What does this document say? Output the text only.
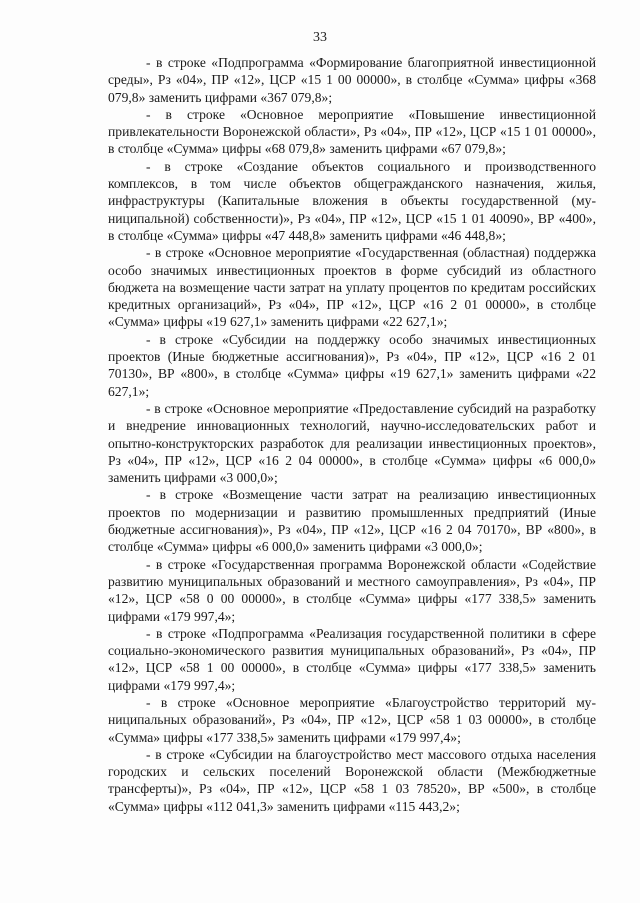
33

- в строке «Подпрограмма «Формирование благоприятной инвестиционной среды», Рз «04», ПР «12», ЦСР «15 1 00 00000», в столбце «Сумма» цифры «368 079,8» заменить цифрами «367 079,8»;

- в строке «Основное мероприятие «Повышение инвестиционной привлекательности Воронежской области», Рз «04», ПР «12», ЦСР «15 1 01 00000», в столбце «Сумма» цифры «68 079,8» заменить цифрами «67 079,8»;

- в строке «Создание объектов социального и производственного комплексов, в том числе объектов общегражданского назначения, жилья, инфраструктуры (Капитальные вложения в объекты государственной (муниципальной) собственности)», Рз «04», ПР «12», ЦСР «15 1 01 40090», ВР «400», в столбце «Сумма» цифры «47 448,8» заменить цифрами «46 448,8»;

- в строке «Основное мероприятие «Государственная (областная) поддержка особо значимых инвестиционных проектов в форме субсидий из областного бюджета на возмещение части затрат на уплату процентов по кредитам российских кредитных организаций», Рз «04», ПР «12», ЦСР «16 2 01 00000», в столбце «Сумма» цифры «19 627,1» заменить цифрами «22 627,1»;

- в строке «Субсидии на поддержку особо значимых инвестиционных проектов (Иные бюджетные ассигнования)», Рз «04», ПР «12», ЦСР «16 2 01 70130», ВР «800», в столбце «Сумма» цифры «19 627,1» заменить цифрами «22 627,1»;

- в строке «Основное мероприятие «Предоставление субсидий на разработку и внедрение инновационных технологий, научно-исследовательских работ и опытно-конструкторских разработок для реализации инвестиционных проектов», Рз «04», ПР «12», ЦСР «16 2 04 00000», в столбце «Сумма» цифры «6 000,0» заменить цифрами «3 000,0»;

- в строке «Возмещение части затрат на реализацию инвестиционных проектов по модернизации и развитию промышленных предприятий (Иные бюджетные ассигнования)», Рз «04», ПР «12», ЦСР «16 2 04 70170», ВР «800», в столбце «Сумма» цифры «6 000,0» заменить цифрами «3 000,0»;

- в строке «Государственная программа Воронежской области «Содействие развитию муниципальных образований и местного самоуправления», Рз «04», ПР «12», ЦСР «58 0 00 00000», в столбце «Сумма» цифры «177 338,5» заменить цифрами «179 997,4»;

- в строке «Подпрограмма «Реализация государственной политики в сфере социально-экономического развития муниципальных образований», Рз «04», ПР «12», ЦСР «58 1 00 00000», в столбце «Сумма» цифры «177 338,5» заменить цифрами «179 997,4»;

- в строке «Основное мероприятие «Благоустройство территорий муниципальных образований», Рз «04», ПР «12», ЦСР «58 1 03 00000», в столбце «Сумма» цифры «177 338,5» заменить цифрами «179 997,4»;

- в строке «Субсидии на благоустройство мест массового отдыха населения городских и сельских поселений Воронежской области (Межбюджетные трансферты)», Рз «04», ПР «12», ЦСР «58 1 03 78520», ВР «500», в столбце «Сумма» цифры «112 041,3» заменить цифрами «115 443,2»;
